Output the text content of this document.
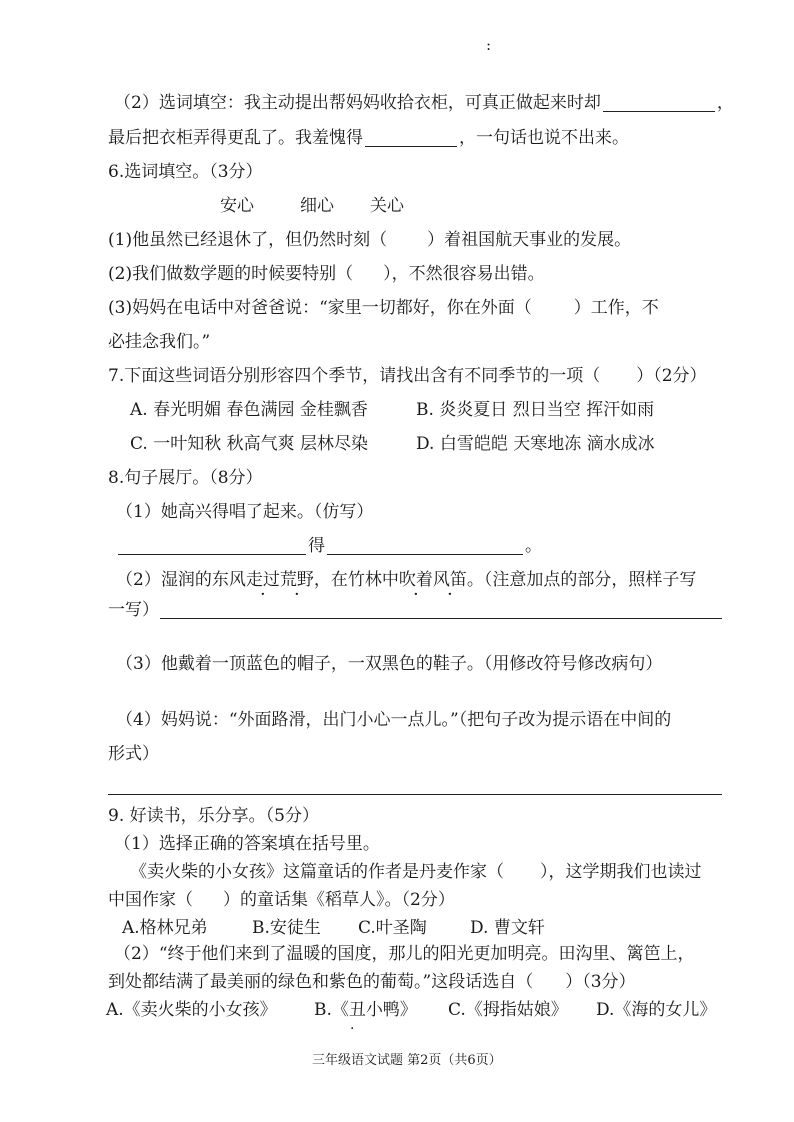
:
（2）选词填空：我主动提出帮妈妈收拾衣柜，可真正做起来时却	，
最后把衣柜弄得更乱了。我羞愧得	，一句话也说不出来。
6.选词填空。（3分）
安心	细心 关心
(1)他虽然已经退休了，但仍然时刻（ ）着祖国航天事业的发展。
(2)我们做数学题的时候要特别（ ），不然很容易出错。
(3)妈妈在电话中对爸爸说：“家里一切都好，你在外面（ ）工作，不
必挂念我们。”
7.下面这些词语分别形容四个季节，请找出含有不同季节的一项（ ）（2分）
A. 春光明媚 春色满园 金桂飘香	B. 炎炎夏日 烈日当空 挥汗如雨
C. 一叶知秋 秋高气爽 层林尽染	D. 白雪皑皑 天寒地冻 滴水成冰
8.句子展厅。（8分）
（1）她高兴得唱了起来。（仿写）
得	。
（2）湿润的东风走过荒野，在竹林中吹着风笛。（注意加点的部分，照样子写
一写）
（3）他戴着一顶蓝色的帽子，一双黑色的鞋子。（用修改符号修改病句）
（4）妈妈说：“外面路滑，出门小心一点儿。”（把句子改为提示语在中间的
形式）
9. 好读书，乐分享。（5分）
（1）选择正确的答案填在括号里。
《卖火柴的小女孩》这篇童话的作者是丹麦作家（ ），这学期我们也读过
中国作家（ ）的童话集《稻草人》。（2分）
A.格林兄弟	B.安徒生 C.叶圣陶	D. 曹文轩
（2）“终于他们来到了温暖的国度，那儿的阳光更加明亮。田沟里、篱笆上，
到处都结满了最美丽的绿色和紫色的葡萄。”这段话选自（ ）（3分）
A.《卖火柴的小女孩》 B.《丑小鸭》 C.《拇指姑娘》 D.《海的女儿》
·
三年级语文试题 第2页（共6页）
